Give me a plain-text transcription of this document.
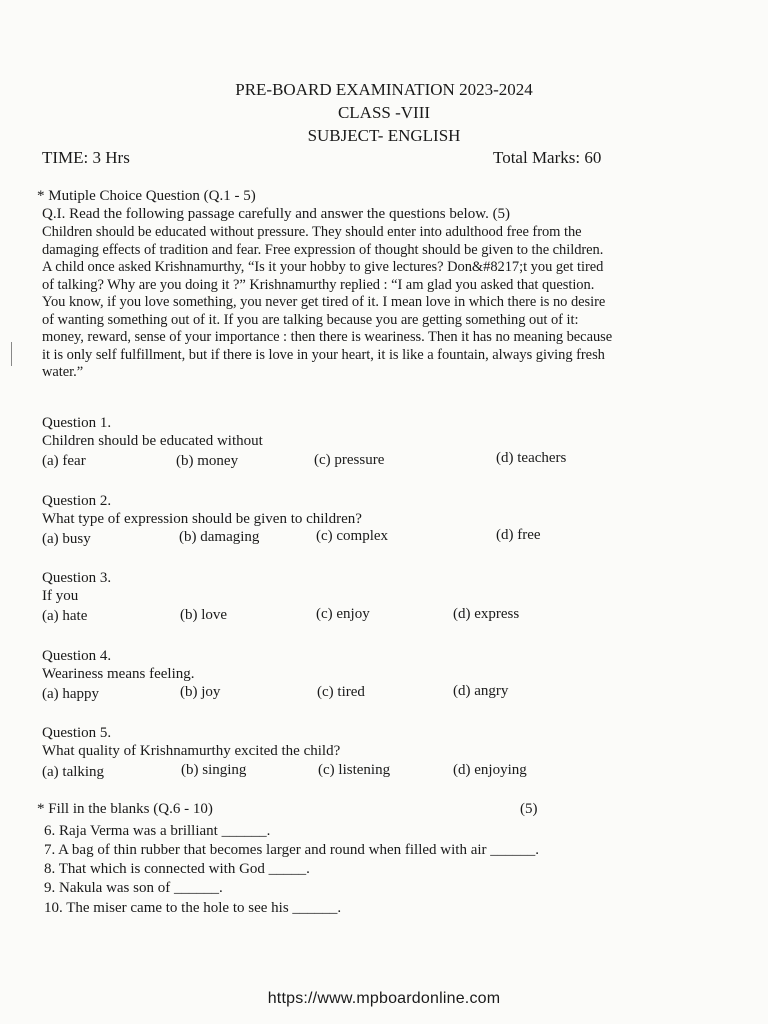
PRE-BOARD EXAMINATION 2023-2024
CLASS -VIII
SUBJECT- ENGLISH
TIME: 3 Hrs	Total Marks: 60
* Mutiple Choice Question (Q.1 - 5)
Q.I. Read the following passage carefully and answer the questions below. (5)

Children should be educated without pressure. They should enter into adulthood free from the

damaging effects of tradition and fear. Free expression of thought should be given to the children.

A child once asked Krishnamurthy, “Is it your hobby to give lectures? Don&#8217;t you get tired

of talking? Why are you doing it ?” Krishnamurthy replied : “I am glad you asked that question.

You know, if you love something, you never get tired of it. I mean love in which there is no desire

of wanting something out of it. If you are talking because you are getting something out of it:

money, reward, sense of your importance : then there is weariness. Then it has no meaning because

it is only self fulfillment, but if there is love in your heart, it is like a fountain, always giving fresh

water.”

Question 1.
Children should be educated without
(a) fear	(b) money	(c) pressure	(d) teachers
Question 2.
What type of expression should be given to children?
(a) busy	(b) damaging	(c) complex	(d) free
Question 3.
If you
(a) hate	(b) love	(c) enjoy	(d) express
Question 4.
Weariness means feeling.
(a) happy	(b) joy	(c) tired	(d) angry
Question 5.
What quality of Krishnamurthy excited the child?
(a) talking	(b) singing	(c) listening	(d) enjoying
* Fill in the blanks (Q.6 - 10)	(5)
6. Raja Verma was a brilliant ______.
7. A bag of thin rubber that becomes larger and round when filled with air ______.
8. That which is connected with God _____.
9. Nakula was son of ______.
10. The miser came to the hole to see his ______.
https://www.mpboardonline.com
